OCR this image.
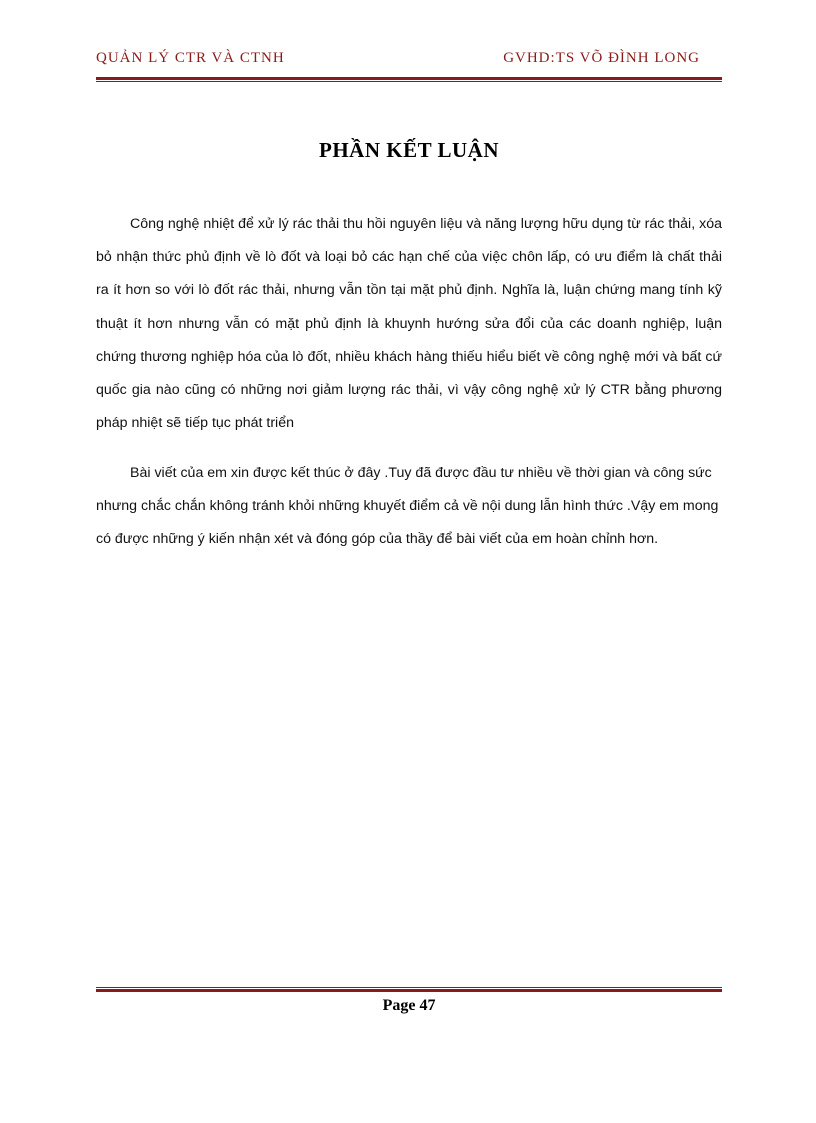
QUẢN LÝ CTR VÀ CTNH	GVHD:TS VÕ ĐÌNH LONG
PHẦN KẾT LUẬN

Công nghệ nhiệt để xử lý rác thải thu hồi nguyên liệu và năng lượng hữu dụng từ rác thải, xóa bỏ nhận thức phủ định về lò đốt và loại bỏ các hạn chế của việc chôn lấp, có ưu điểm là chất thải ra ít hơn so với lò đốt rác thải, nhưng vẫn tồn tại mặt phủ định. Nghĩa là, luận chứng mang tính kỹ thuật ít hơn nhưng vẫn có mặt phủ định là khuynh hướng sửa đổi của các doanh nghiệp, luận chứng thương nghiệp hóa của lò đốt, nhiều khách hàng thiếu hiểu biết về công nghệ mới và bất cứ quốc gia nào cũng có những nơi giảm lượng rác thải, vì vậy công nghệ xử lý CTR bằng phương pháp nhiệt sẽ tiếp tục phát triển

Bài viết của em xin được kết thúc ở đây .Tuy đã được đầu tư nhiều về thời gian và công sức nhưng chắc chắn không tránh khỏi những khuyết điểm cả về nội dung lẫn hình thức .Vậy em mong có được những ý kiến nhận xét và đóng góp của thầy để bài viết của em hoàn chỉnh hơn.

Page 47
